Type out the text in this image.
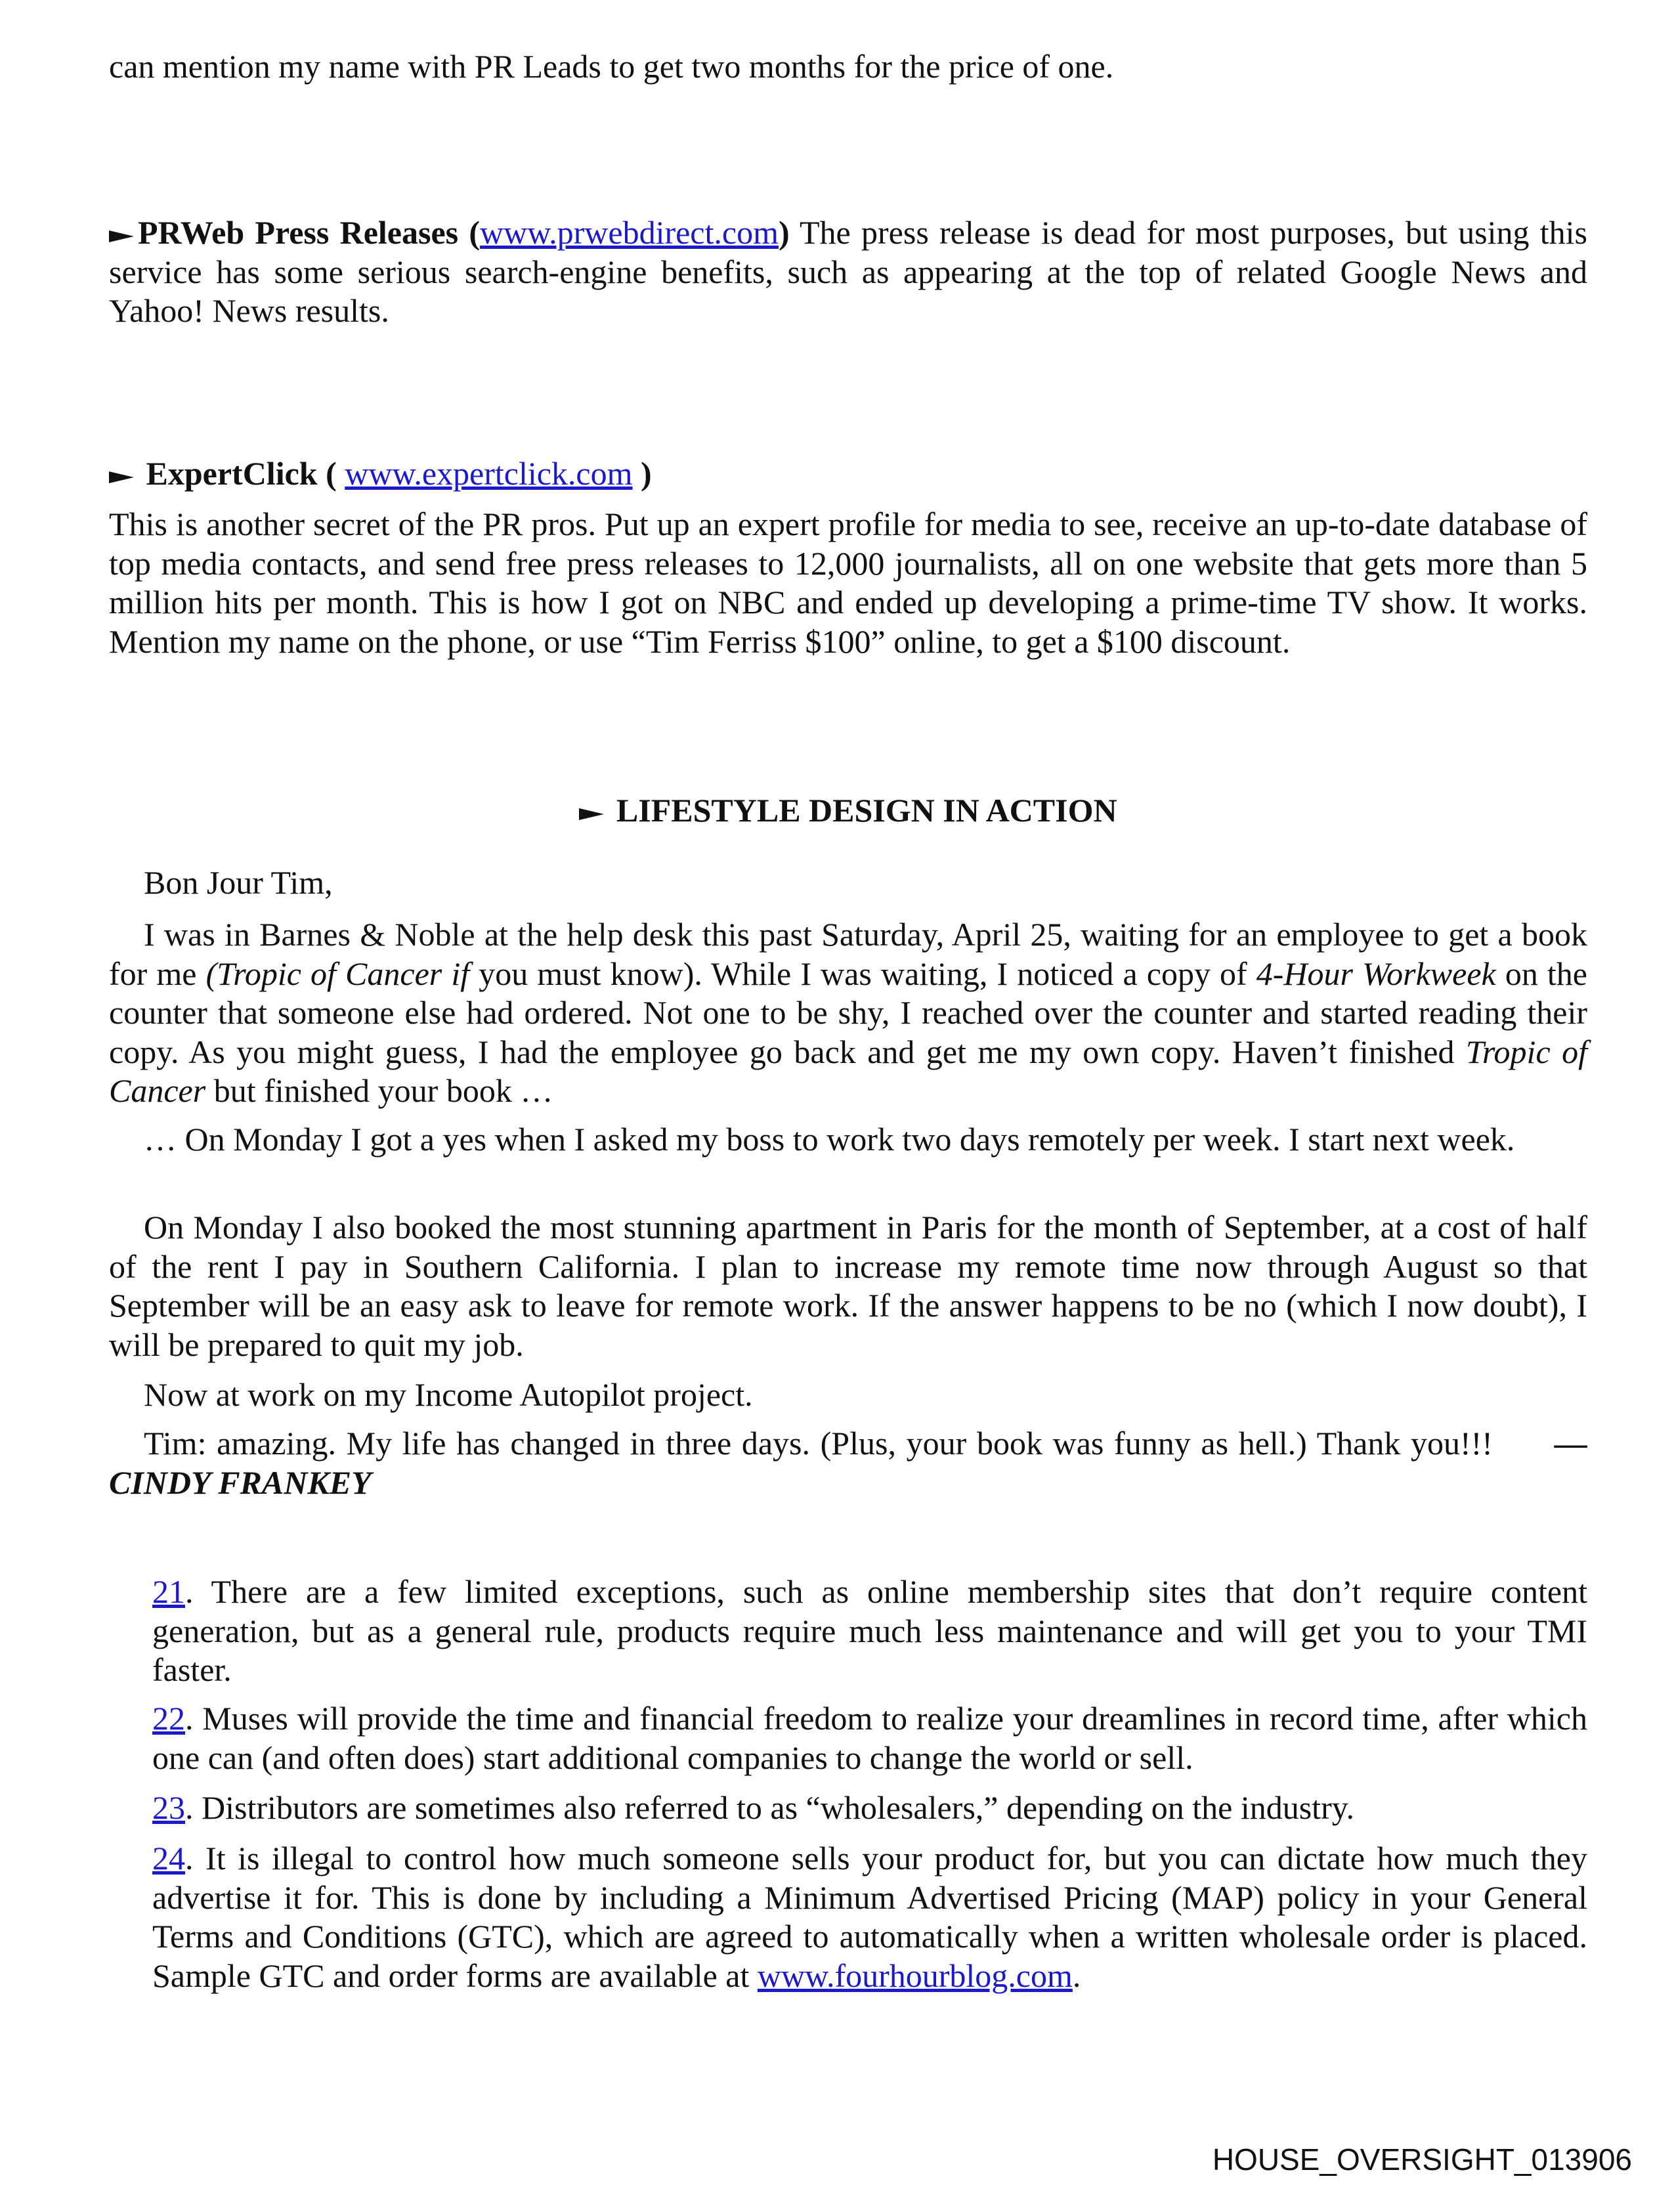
can mention my name with PR Leads to get two months for the price of one.
PRWeb Press Releases (www.prwebdirect.com) The press release is dead for most purposes, but using this service has some serious search-engine benefits, such as appearing at the top of related Google News and Yahoo! News results.
ExpertClick ( www.expertclick.com )
This is another secret of the PR pros. Put up an expert profile for media to see, receive an up-to-date database of top media contacts, and send free press releases to 12,000 journalists, all on one website that gets more than 5 million hits per month. This is how I got on NBC and ended up developing a prime-time TV show. It works. Mention my name on the phone, or use “Tim Ferriss $100” online, to get a $100 discount.
LIFESTYLE DESIGN IN ACTION
Bon Jour Tim,
I was in Barnes & Noble at the help desk this past Saturday, April 25, waiting for an employee to get a book for me (Tropic of Cancer if you must know). While I was waiting, I noticed a copy of 4-Hour Workweek on the counter that someone else had ordered. Not one to be shy, I reached over the counter and started reading their copy. As you might guess, I had the employee go back and get me my own copy. Haven’t finished Tropic of Cancer but finished your book …
… On Monday I got a yes when I asked my boss to work two days remotely per week. I start next week.
On Monday I also booked the most stunning apartment in Paris for the month of September, at a cost of half of the rent I pay in Southern California. I plan to increase my remote time now through August so that September will be an easy ask to leave for remote work. If the answer happens to be no (which I now doubt), I will be prepared to quit my job.
Now at work on my Income Autopilot project.
Tim: amazing. My life has changed in three days. (Plus, your book was funny as hell.) Thank you!!! —CINDY FRANKEY
21. There are a few limited exceptions, such as online membership sites that don’t require content generation, but as a general rule, products require much less maintenance and will get you to your TMI faster.
22. Muses will provide the time and financial freedom to realize your dreamlines in record time, after which one can (and often does) start additional companies to change the world or sell.
23. Distributors are sometimes also referred to as “wholesalers,” depending on the industry.
24. It is illegal to control how much someone sells your product for, but you can dictate how much they advertise it for. This is done by including a Minimum Advertised Pricing (MAP) policy in your General Terms and Conditions (GTC), which are agreed to automatically when a written wholesale order is placed. Sample GTC and order forms are available at www.fourhourblog.com.
HOUSE_OVERSIGHT_013906
